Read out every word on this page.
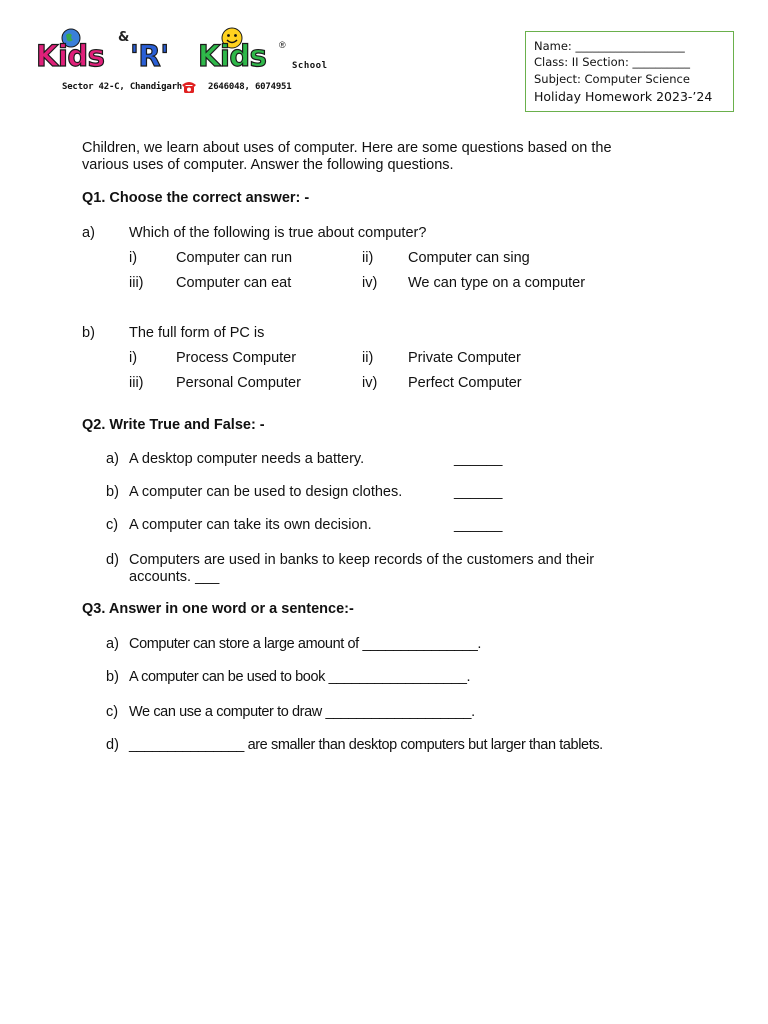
Kids
&
'R' Kids ®
School
Sector 42-C, Chandigarh	2646048, 6074951
Name: ___________________
Class: II Section: __________
Subject: Computer Science
Holiday Homework 2023-’24
Children, we learn about uses of computer. Here are some questions based on the
various uses of computer. Answer the following questions.
Q1. Choose the correct answer: -
a) Which of the following is true about computer?
i)	Computer can run	ii) Computer can sing
iii) Computer can eat	iv) We can type on a computer
b) The full form of PC is
i)	Process Computer	ii) Private Computer
iii) Personal Computer	iv) Perfect Computer
Q2. Write True and False: -
a) A desktop computer needs a battery.	______
b) A computer can be used to design clothes.	______
c) A computer can take its own decision.	______
d) Computers are used in banks to keep records of the customers and their
accounts. ___
Q3. Answer in one word or a sentence:-
a) Computer can store a large amount of _______________.
b) A computer can be used to book __________________.
c) We can use a computer to draw ___________________.
d) _______________ are smaller than desktop computers but larger than tablets.
